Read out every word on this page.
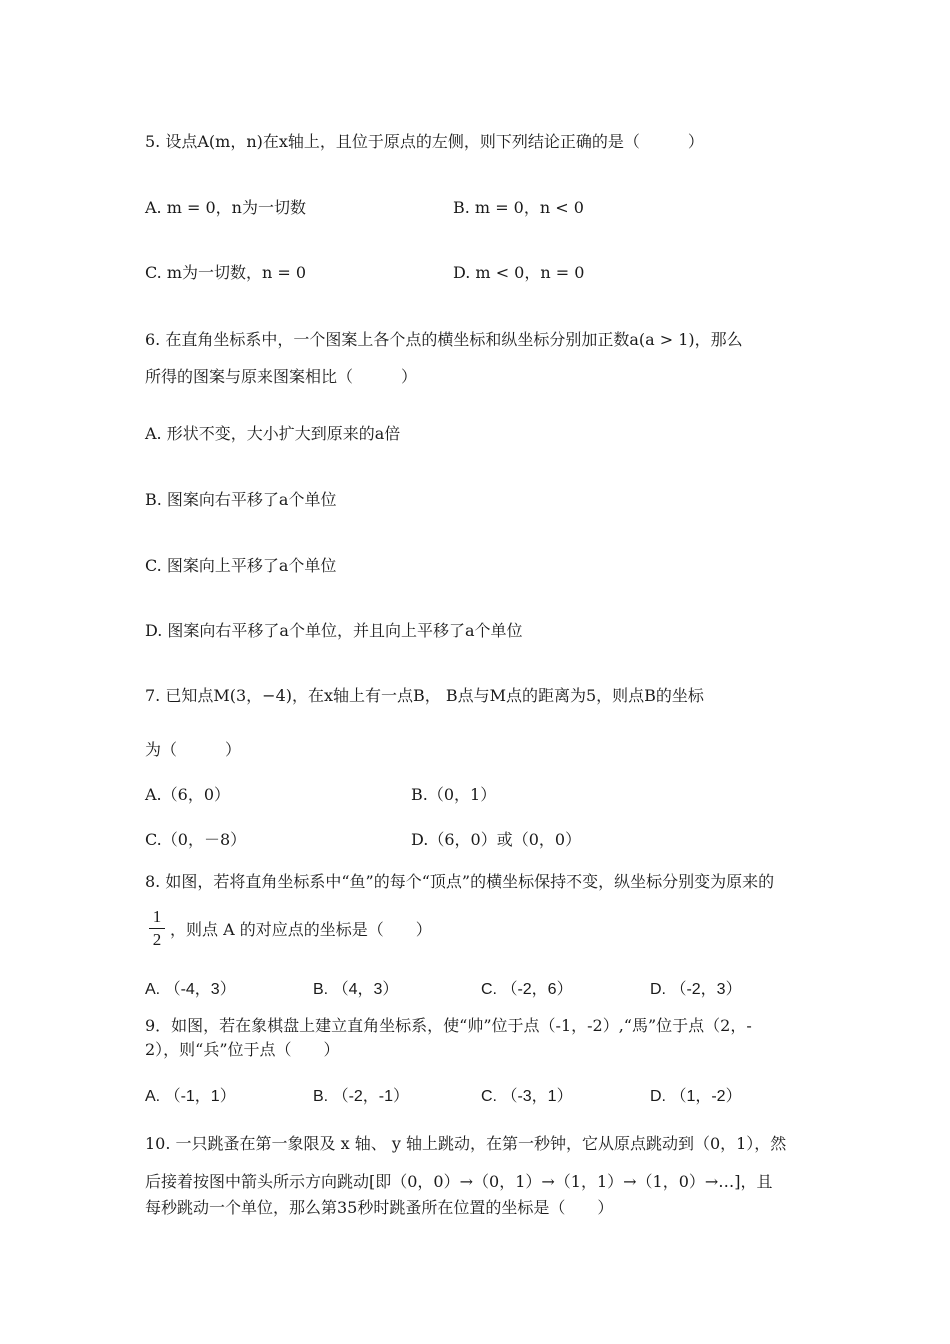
5. 设点A(m，n)在x轴上，且位于原点的左侧，则下列结论正确的是（　　　）
A. m = 0，n为一切数	B. m = 0，n < 0
C. m为一切数，n = 0	D. m < 0，n = 0
6. 在直角坐标系中，一个图案上各个点的横坐标和纵坐标分别加正数a(a > 1)，那么
所得的图案与原来图案相比（　　　）
A. 形状不变，大小扩大到原来的a倍
B. 图案向右平移了a个单位
C. 图案向上平移了a个单位
D. 图案向右平移了a个单位，并且向上平移了a个单位
7. 已知点M(3，−4)，在x轴上有一点B， B点与M点的距离为5，则点B的坐标
为（　　　）
A.（6，0）	B.（0，1）
C.（0，－8）	D.（6，0）或（0，0）
8. 如图，若将直角坐标系中“鱼”的每个“顶点”的横坐标保持不变，纵坐标分别变为原来的
1
2
，则点 A 的对应点的坐标是（　　）
A. （-4，3）	B. （4，3）	C. （-2，6）	D. （-2，3）
9．如图，若在象棋盘上建立直角坐标系，使“帅”位于点（-1，-2）,“馬”位于点（2，-
2），则“兵”位于点（　　）
A. （-1，1）	B. （-2，-1）	C. （-3，1）	D. （1，-2）
10. 一只跳蚤在第一象限及 x 轴、 y 轴上跳动，在第一秒钟，它从原点跳动到（0，1），然
后接着按图中箭头所示方向跳动[即（0，0）→（0，1）→（1，1）→（1，0）→…]，且
每秒跳动一个单位，那么第35秒时跳蚤所在位置的坐标是（　　）
